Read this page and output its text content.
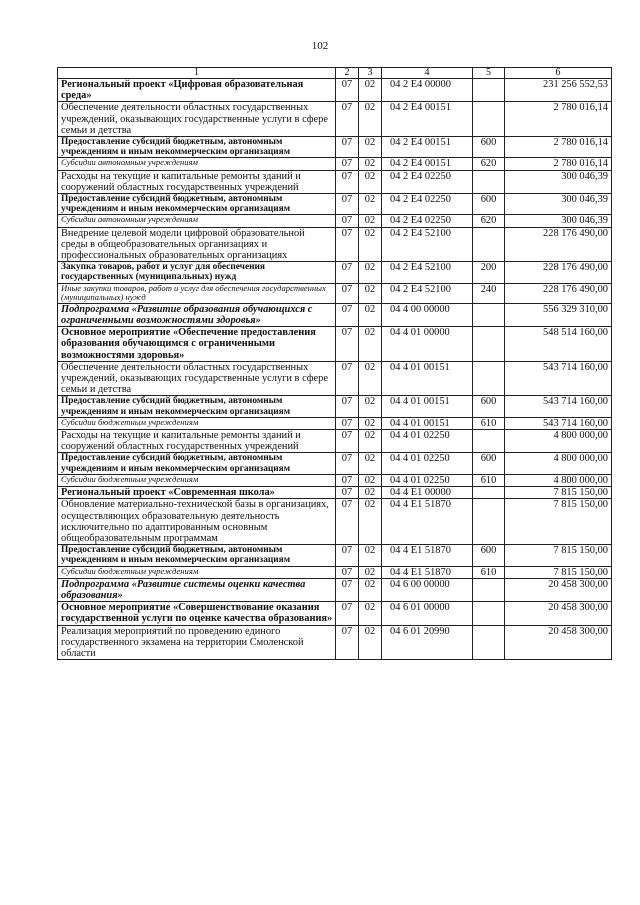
102
1	2	3	4	5	6
Региональный проект «Цифровая образовательная среда»	07	02	04 2 E4 00000		231 256 552,53
Обеспечение деятельности областных государственных учреждений, оказывающих государственные услуги в сфере семьи и детства	07	02	04 2 E4 00151		2 780 016,14
Предоставление субсидий бюджетным, автономным учреждениям и иным некоммерческим организациям	07	02	04 2 E4 00151	600	2 780 016,14
Субсидии автономным учреждениям	07	02	04 2 E4 00151	620	2 780 016,14
Расходы на текущие и капитальные ремонты зданий и сооружений областных государственных учреждений	07	02	04 2 E4 02250		300 046,39
Предоставление субсидий бюджетным, автономным учреждениям и иным некоммерческим организациям	07	02	04 2 E4 02250	600	300 046,39
Субсидии автономным учреждениям	07	02	04 2 E4 02250	620	300 046,39
Внедрение целевой модели цифровой образовательной среды в общеобразовательных организациях и профессиональных образовательных организациях	07	02	04 2 E4 52100		228 176 490,00
Закупка товаров, работ и услуг для обеспечения государственных (муниципальных) нужд	07	02	04 2 E4 52100	200	228 176 490,00
Иные закупки товаров, работ и услуг для обеспечения государственных (муниципальных) нужд	07	02	04 2 E4 52100	240	228 176 490,00
Подпрограмма «Развитие образования обучающихся с ограниченными возможностями здоровья»	07	02	04 4 00 00000		556 329 310,00
Основное мероприятие «Обеспечение предоставления образования обучающимся с ограниченными возможностями здоровья»	07	02	04 4 01 00000		548 514 160,00
Обеспечение деятельности областных государственных учреждений, оказывающих государственные услуги в сфере семьи и детства	07	02	04 4 01 00151		543 714 160,00
Предоставление субсидий бюджетным, автономным учреждениям и иным некоммерческим организациям	07	02	04 4 01 00151	600	543 714 160,00
Субсидии бюджетным учреждениям	07	02	04 4 01 00151	610	543 714 160,00
Расходы на текущие и капитальные ремонты зданий и сооружений областных государственных учреждений	07	02	04 4 01 02250		4 800 000,00
Предоставление субсидий бюджетным, автономным учреждениям и иным некоммерческим организациям	07	02	04 4 01 02250	600	4 800 000,00
Субсидии бюджетным учреждениям	07	02	04 4 01 02250	610	4 800 000,00
Региональный проект «Современная школа»	07	02	04 4 E1 00000		7 815 150,00
Обновление материально-технической базы в организациях, осуществляющих образовательную деятельность исключительно по адаптированным основным общеобразовательным программам	07	02	04 4 E1 51870		7 815 150,00
Предоставление субсидий бюджетным, автономным учреждениям и иным некоммерческим организациям	07	02	04 4 E1 51870	600	7 815 150,00
Субсидии бюджетным учреждениям	07	02	04 4 E1 51870	610	7 815 150,00
Подпрограмма «Развитие системы оценки качества образования»	07	02	04 6 00 00000		20 458 300,00
Основное мероприятие «Совершенствование оказания государственной услуги по оценке качества образования»	07	02	04 6 01 00000		20 458 300,00
Реализация мероприятий по проведению единого государственного экзамена на территории Смоленской области	07	02	04 6 01 20990		20 458 300,00
